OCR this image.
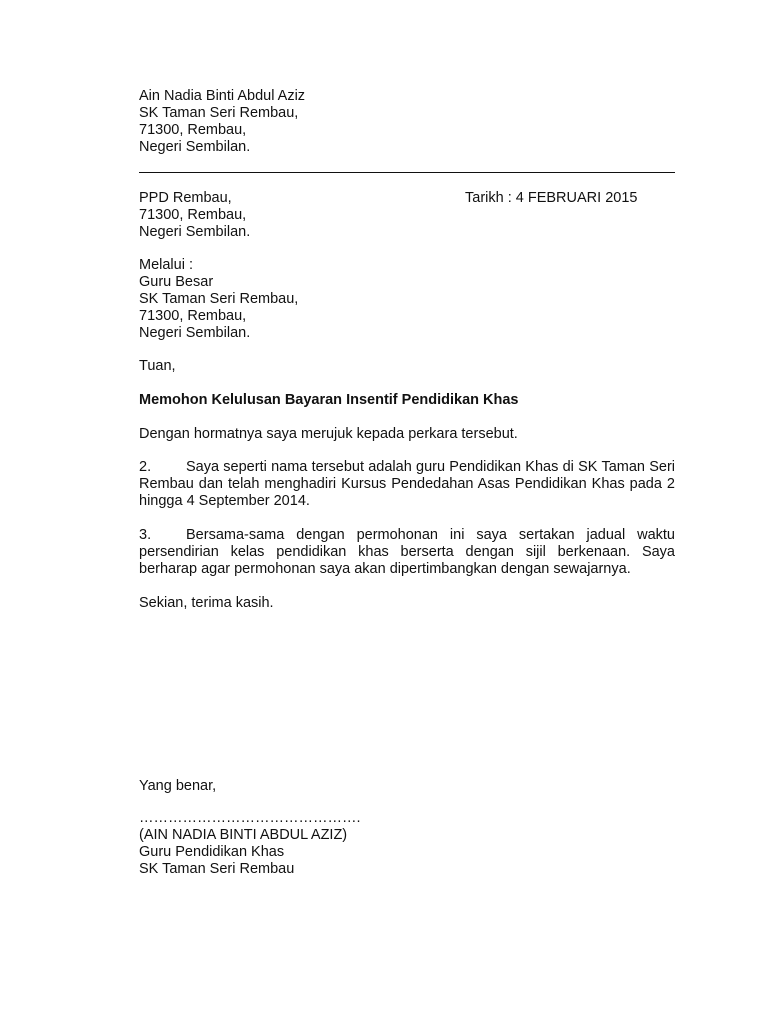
Ain Nadia Binti Abdul Aziz
SK Taman Seri Rembau,
71300, Rembau,
Negeri Sembilan.
PPD Rembau,
71300, Rembau,
Negeri Sembilan.
Tarikh : 4 FEBRUARI 2015
Melalui :
Guru Besar
SK Taman Seri Rembau,
71300, Rembau,
Negeri Sembilan.
Tuan,
Memohon Kelulusan Bayaran Insentif Pendidikan Khas
Dengan hormatnya saya merujuk kepada perkara tersebut.
2. Saya seperti nama tersebut adalah guru Pendidikan Khas di SK Taman Seri Rembau dan telah menghadiri Kursus Pendedahan Asas Pendidikan Khas pada 2 hingga 4 September 2014.
3. Bersama-sama dengan permohonan ini saya sertakan jadual waktu persendirian kelas pendidikan khas berserta dengan sijil berkenaan. Saya berharap agar permohonan saya akan dipertimbangkan dengan sewajarnya.
Sekian, terima kasih.
Yang benar,
……………………………………….
(AIN NADIA BINTI ABDUL AZIZ)
Guru Pendidikan Khas
SK Taman Seri Rembau
